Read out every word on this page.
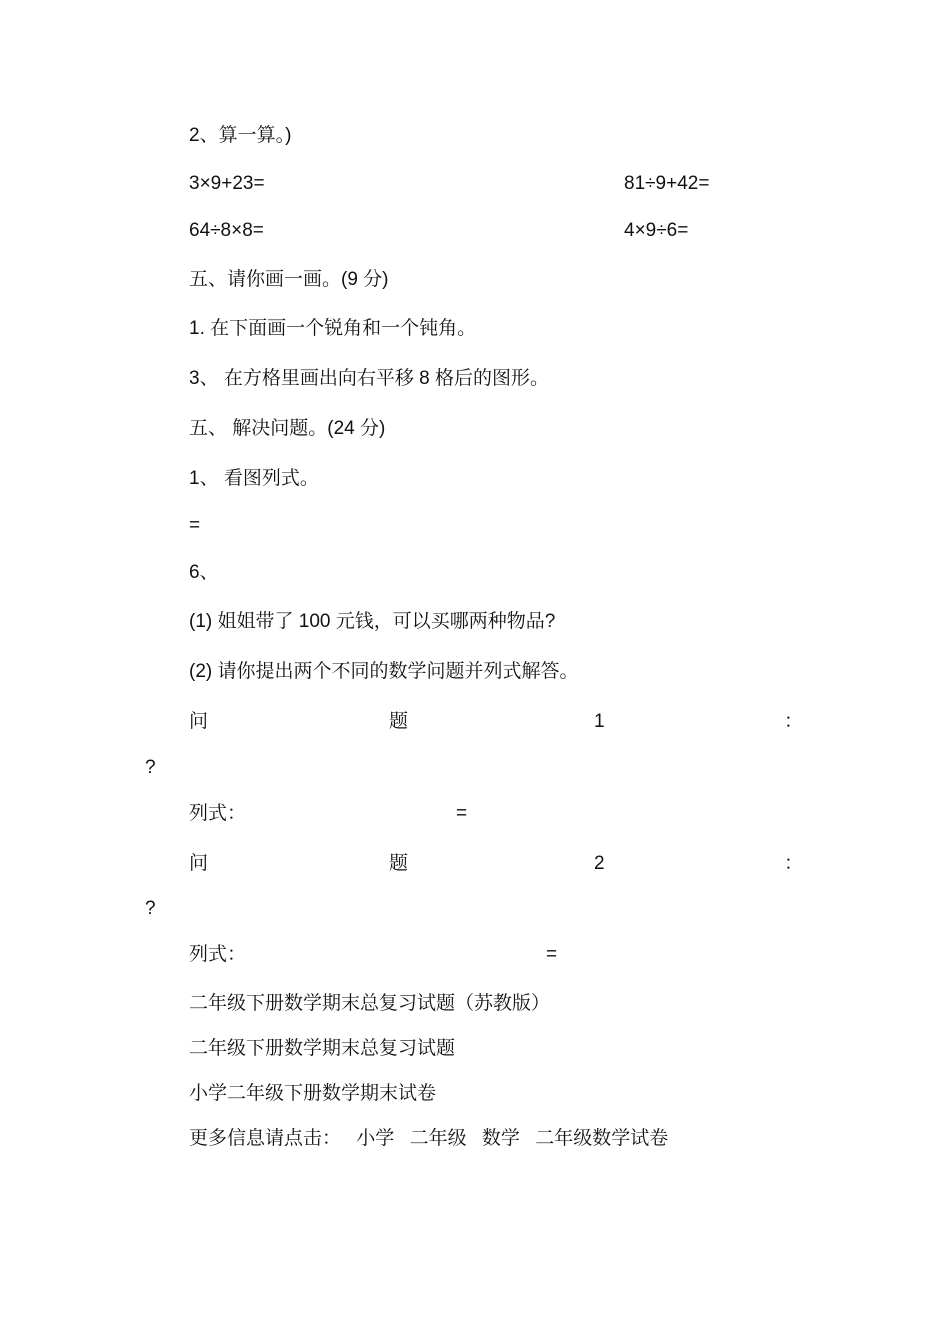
2、算一算。)
3×9+23=	81÷9+42=
64÷8×8=	4×9÷6=
五、请你画一画。(9 分)
1. 在下面画一个锐角和一个钝角。
3、 在方格里画出向右平移 8 格后的图形。
五、 解决问题。(24 分)
1、 看图列式。
=
6、
(1) 姐姐带了 100 元钱，可以买哪两种物品?
(2) 请你提出两个不同的数学问题并列式解答。
问	题	1	：
?
列式：	=
问	题	2	：
?
列式：	=
二年级下册数学期末总复习试题（苏教版）
二年级下册数学期末总复习试题
小学二年级下册数学期末试卷
更多信息请点击： 小学 二年级 数学 二年级数学试卷
